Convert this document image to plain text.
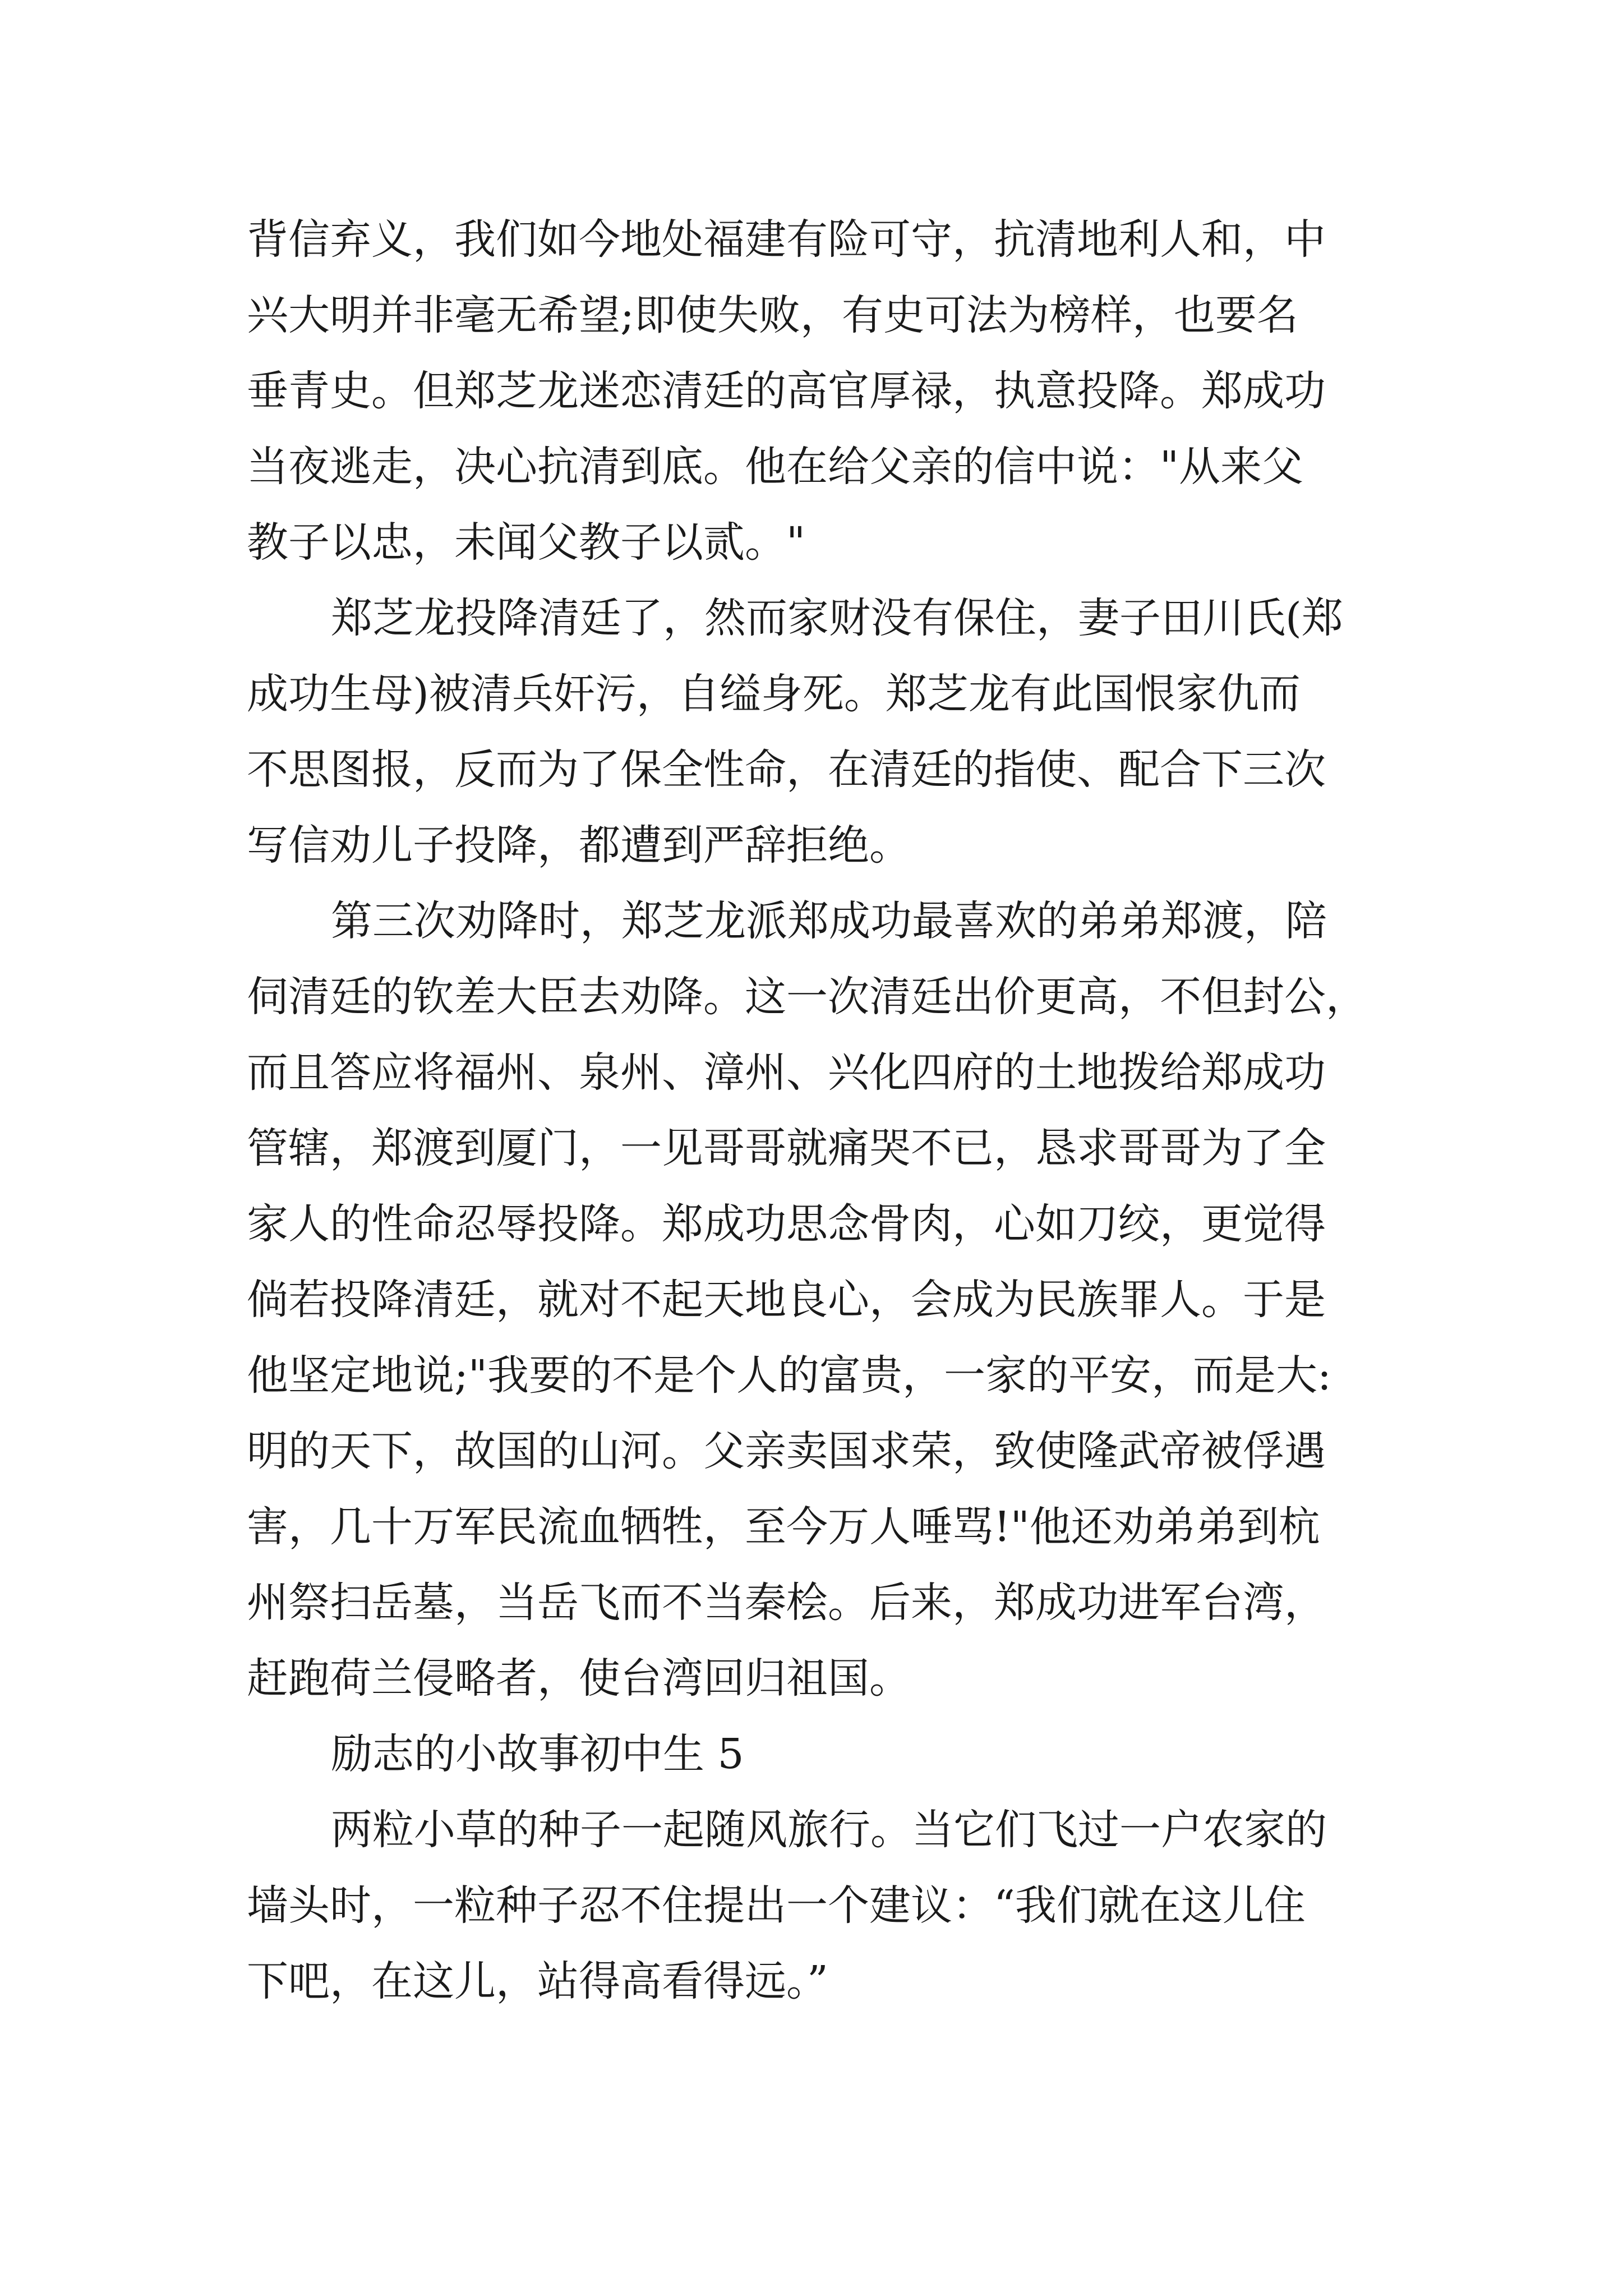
背信弃义，我们如今地处福建有险可守，抗清地利人和，中
兴大明并非毫无希望;即使失败，有史可法为榜样，也要名
垂青史。但郑芝龙迷恋清廷的高官厚禄，执意投降。郑成功
当夜逃走，决心抗清到底。他在给父亲的信中说："从来父
教子以忠，未闻父教子以贰。"
郑芝龙投降清廷了，然而家财没有保住，妻子田川氏(郑
成功生母)被清兵奸污，自缢身死。郑芝龙有此国恨家仇而
不思图报，反而为了保全性命，在清廷的指使、配合下三次
写信劝儿子投降，都遭到严辞拒绝。
第三次劝降时，郑芝龙派郑成功最喜欢的弟弟郑渡，陪
伺清廷的钦差大臣去劝降。这一次清廷出价更高，不但封公，
而且答应将福州、泉州、漳州、兴化四府的土地拨给郑成功
管辖，郑渡到厦门，一见哥哥就痛哭不已，恳求哥哥为了全
家人的性命忍辱投降。郑成功思念骨肉，心如刀绞，更觉得
倘若投降清廷，就对不起天地良心，会成为民族罪人。于是
他坚定地说;"我要的不是个人的富贵，一家的平安，而是大:
明的天下，故国的山河。父亲卖国求荣，致使隆武帝被俘遇
害，几十万军民流血牺牲，至今万人唾骂!"他还劝弟弟到杭
州祭扫岳墓，当岳飞而不当秦桧。后来，郑成功进军台湾，
赶跑荷兰侵略者，使台湾回归祖国。
励志的小故事初中生 5
两粒小草的种子一起随风旅行。当它们飞过一户农家的
墙头时，一粒种子忍不住提出一个建议：“我们就在这儿住
下吧，在这儿，站得高看得远。”
